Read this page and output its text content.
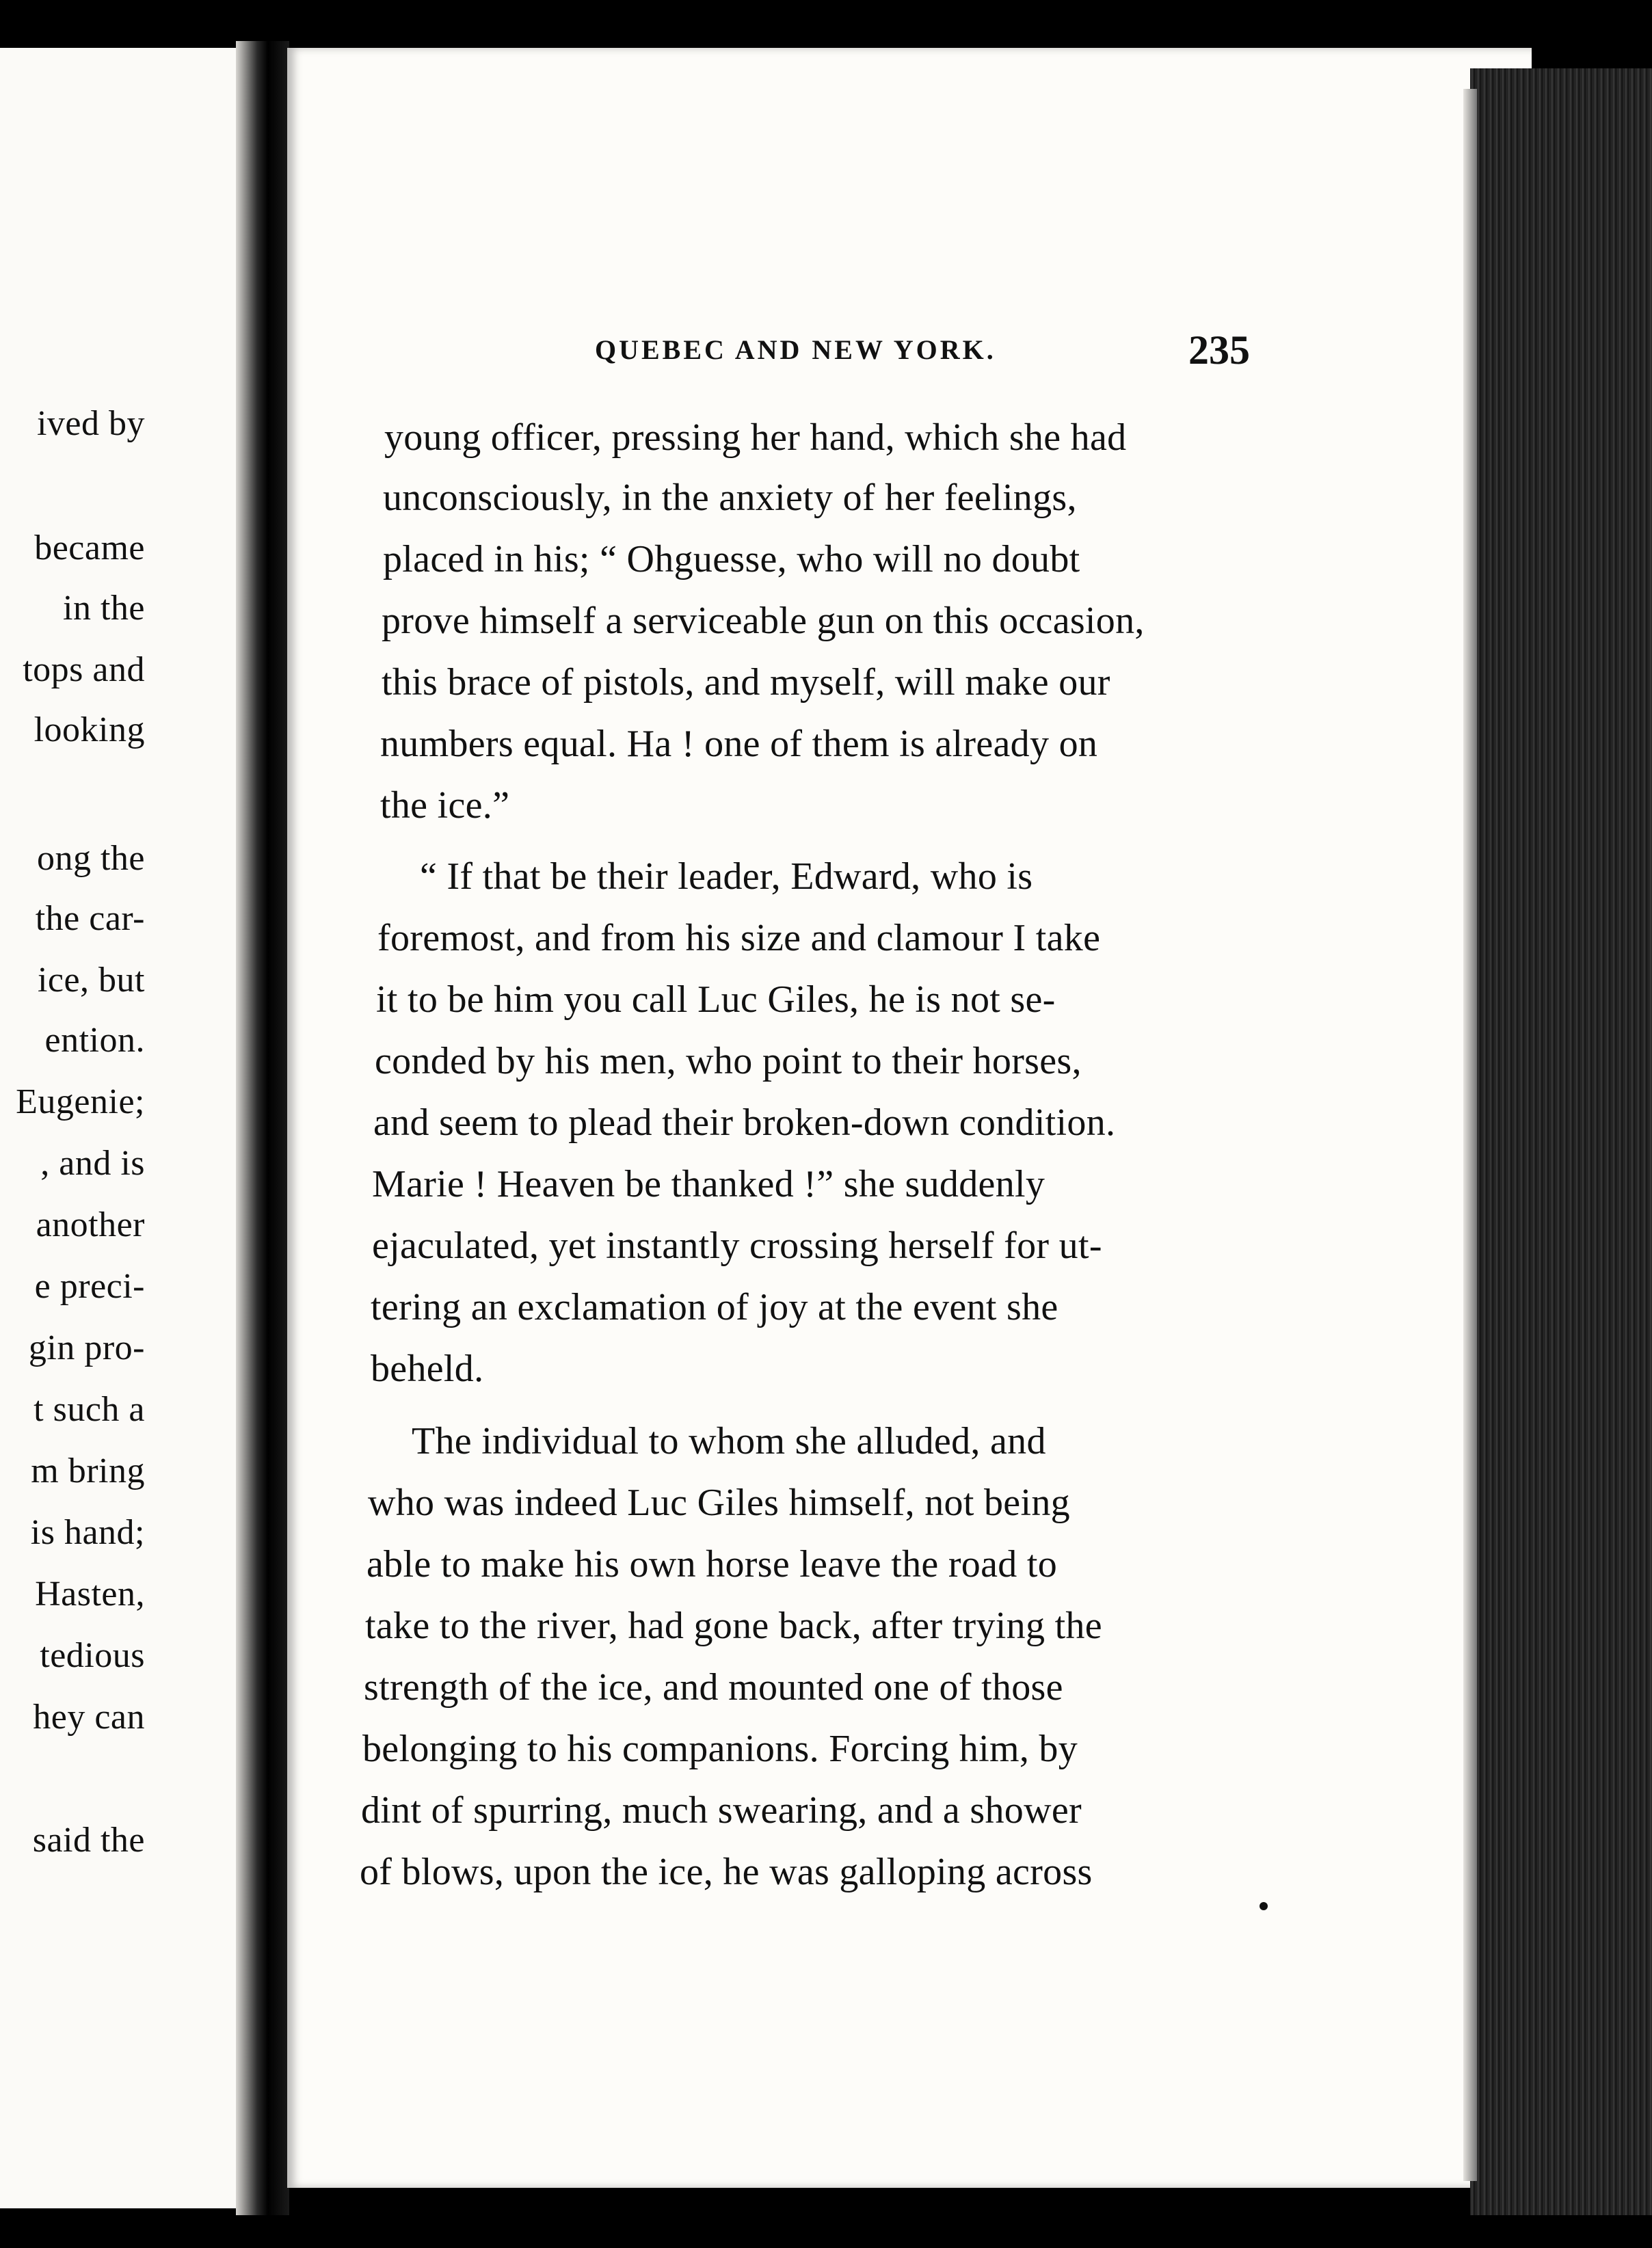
ived by
became
in the
tops and
looking
ong the
the car-
ice, but
ention.
Eugenie;
, and is
another
e preci-
gin pro-
t such a
m bring
is hand;
Hasten,
tedious
hey can
said the
QUEBEC AND NEW YORK.	235
young officer, pressing her hand, which she had
unconsciously, in the anxiety of her feelings,
placed in his; “ Ohguesse, who will no doubt
prove himself a serviceable gun on this occasion,
this brace of pistols, and myself, will make our
numbers equal. Ha ! one of them is already on
the ice.”
“ If that be their leader, Edward, who is
foremost, and from his size and clamour I take
it to be him you call Luc Giles, he is not se-
conded by his men, who point to their horses,
and seem to plead their broken-down condition.
Marie ! Heaven be thanked !” she suddenly
ejaculated, yet instantly crossing herself for ut-
tering an exclamation of joy at the event she
beheld.
The individual to whom she alluded, and
who was indeed Luc Giles himself, not being
able to make his own horse leave the road to
take to the river, had gone back, after trying the
strength of the ice, and mounted one of those
belonging to his companions. Forcing him, by
dint of spurring, much swearing, and a shower
of blows, upon the ice, he was galloping across
